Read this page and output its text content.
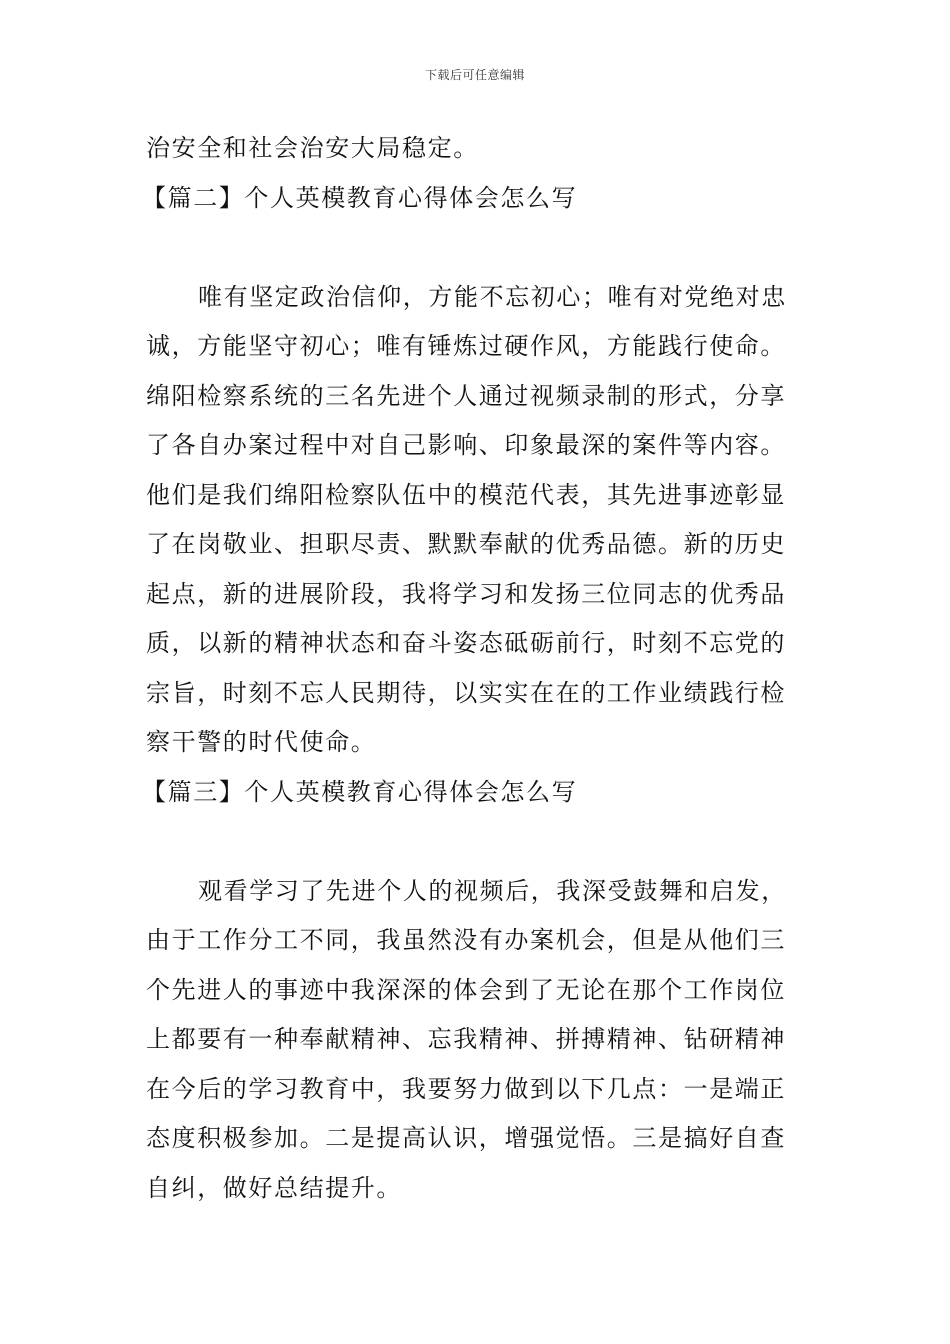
下载后可任意编辑
治安全和社会治安大局稳定。
【篇二】个人英模教育心得体会怎么写
唯有坚定政治信仰，方能不忘初心；唯有对党绝对忠
诚，方能坚守初心；唯有锤炼过硬作风，方能践行使命。
绵阳检察系统的三名先进个人通过视频录制的形式，分享
了各自办案过程中对自己影响、印象最深的案件等内容。
他们是我们绵阳检察队伍中的模范代表，其先进事迹彰显
了在岗敬业、担职尽责、默默奉献的优秀品德。新的历史
起点，新的进展阶段，我将学习和发扬三位同志的优秀品
质，以新的精神状态和奋斗姿态砥砺前行，时刻不忘党的
宗旨，时刻不忘人民期待，以实实在在的工作业绩践行检
察干警的时代使命。
【篇三】个人英模教育心得体会怎么写
观看学习了先进个人的视频后，我深受鼓舞和启发，
由于工作分工不同，我虽然没有办案机会，但是从他们三
个先进人的事迹中我深深的体会到了无论在那个工作岗位
上都要有一种奉献精神、忘我精神、拼搏精神、钻研精神
在今后的学习教育中，我要努力做到以下几点：一是端正
态度积极参加。二是提高认识，增强觉悟。三是搞好自查
自纠，做好总结提升。
